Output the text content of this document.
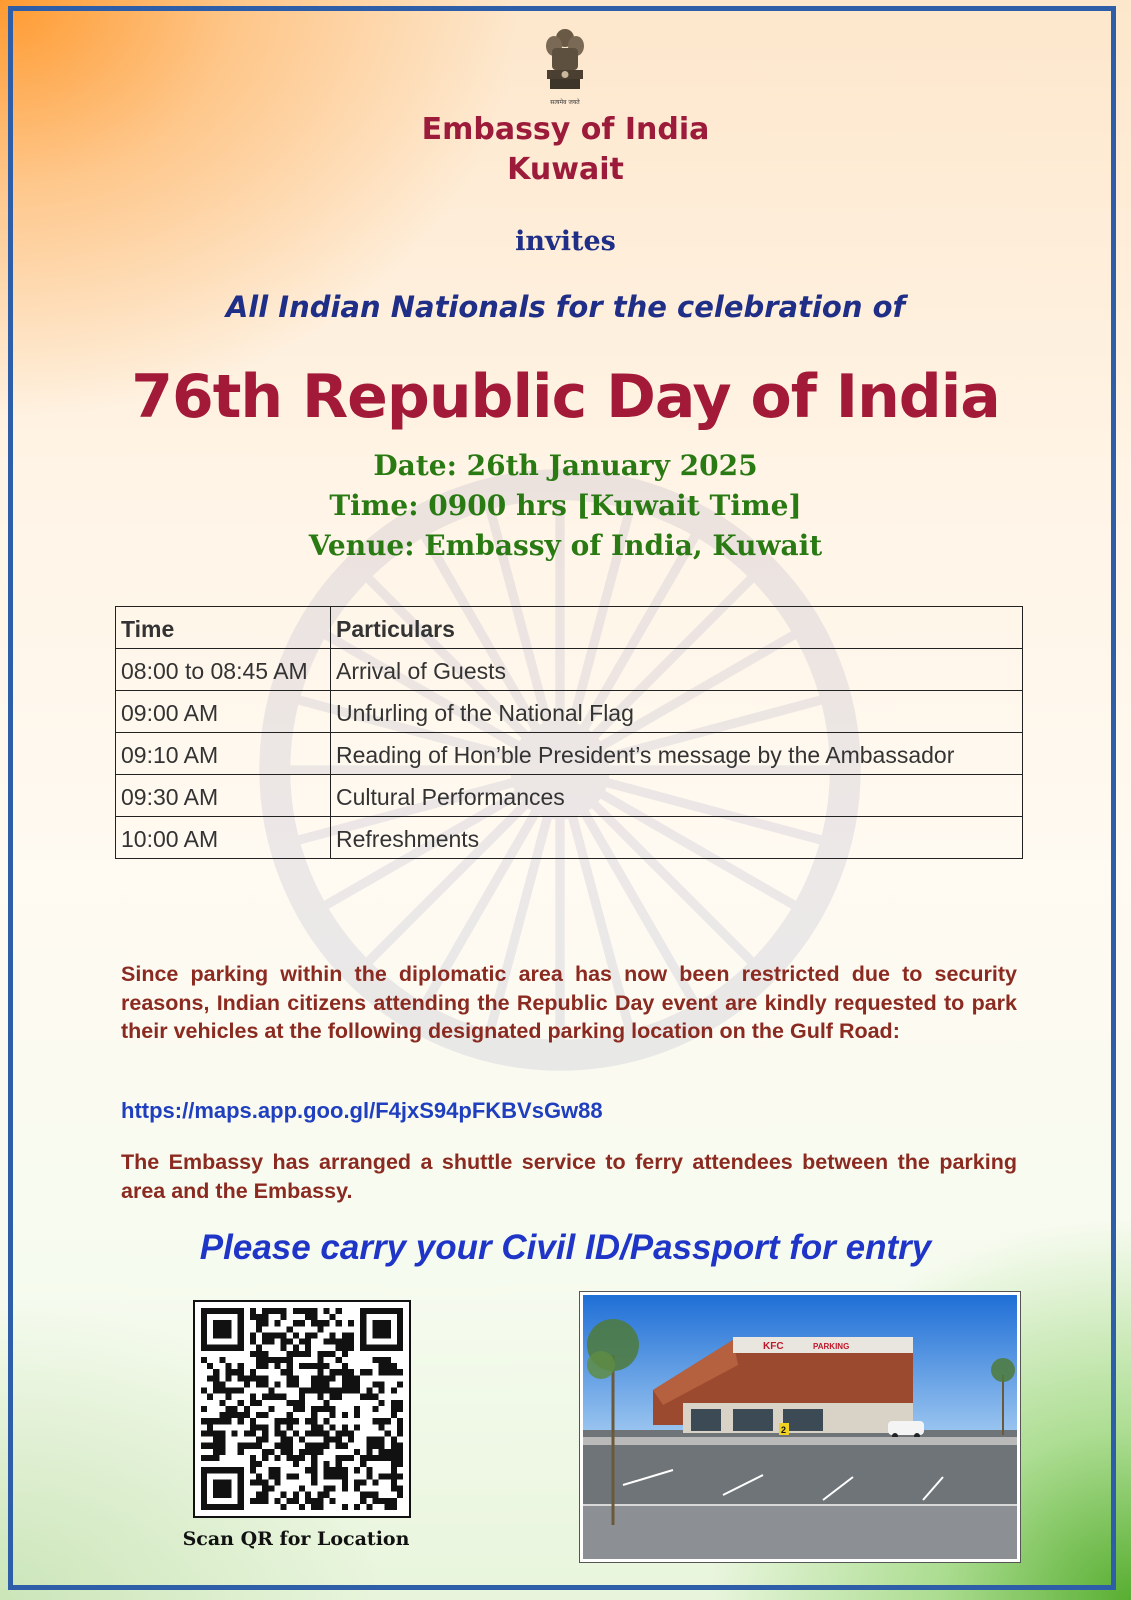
सत्यमेव जयते
Embassy of India
Kuwait

invites

All Indian Nationals for the celebration of

76th Republic Day of India

Date: 26th January 2025
Time: 0900 hrs [Kuwait Time]
Venue: Embassy of India, Kuwait
Time	Particulars
08:00 to 08:45 AM	Arrival of Guests
09:00 AM	Unfurling of the National Flag
09:10 AM	Reading of Hon’ble President’s message by the Ambassador
09:30 AM	Cultural Performances
10:00 AM	Refreshments

Since parking within the diplomatic area has now been restricted due to security reasons, Indian citizens attending the Republic Day event are kindly requested to park their vehicles at the following designated parking location on the Gulf Road:

https://maps.app.goo.gl/F4jxS94pFKBVsGw88

The Embassy has arranged a shuttle service to ferry attendees between the parking area and the Embassy.

Please carry your Civil ID/Passport for entry

Scan QR for Location

KFC	PARKING
2
